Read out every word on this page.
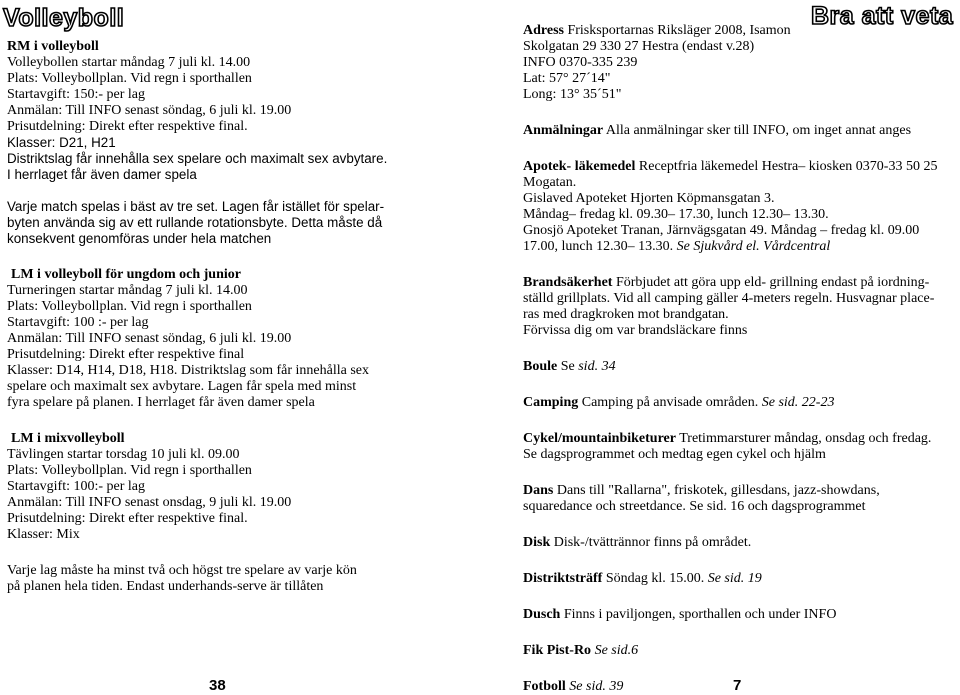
Volleyboll

RM i volleyboll

Volleybollen startar måndag 7 juli kl. 14.00

Plats: Volleybollplan. Vid regn i sporthallen

Startavgift: 150:- per lag

Anmälan: Till INFO senast söndag, 6 juli kl. 19.00

Prisutdelning: Direkt efter respektive final.

Klasser: D21, H21

Distriktslag får innehålla sex spelare och maximalt sex avbytare.

I herrlaget får även damer spela

Varje match spelas i bäst av tre set. Lagen får istället för spelar-

byten använda sig av ett rullande rotationsbyte. Detta måste då

konsekvent genomföras under hela matchen

LM i volleyboll för ungdom och junior

Turneringen startar måndag 7 juli kl. 14.00

Plats: Volleybollplan. Vid regn i sporthallen

Startavgift: 100 :- per lag

Anmälan: Till INFO senast söndag, 6 juli kl. 19.00

Prisutdelning: Direkt efter respektive final

Klasser: D14, H14, D18, H18. Distriktslag som får innehålla sex

spelare och maximalt sex avbytare. Lagen får spela med minst

fyra spelare på planen. I herrlaget får även damer spela

LM i mixvolleyboll

Tävlingen startar torsdag 10 juli kl. 09.00

Plats: Volleybollplan. Vid regn i sporthallen

Startavgift: 100:- per lag

Anmälan: Till INFO senast onsdag, 9 juli kl. 19.00

Prisutdelning: Direkt efter respektive final.

Klasser: Mix

Varje lag måste ha minst två och högst tre spelare av varje kön

på planen hela tiden. Endast underhands-serve är tillåten

38
Bra att veta

Adress Frisksportarnas Riksläger 2008, Isamon

Skolgatan 29 330 27 Hestra (endast v.28)

INFO 0370-335 239

Lat: 57° 27´14"

Long: 13° 35´51"

Anmälningar Alla anmälningar sker till INFO, om inget annat anges

Apotek- läkemedel Receptfria läkemedel Hestra– kiosken 0370-33 50 25

Mogatan.

Gislaved Apoteket Hjorten Köpmansgatan 3.

Måndag– fredag kl. 09.30– 17.30, lunch 12.30– 13.30.

Gnosjö Apoteket Tranan, Järnvägsgatan 49. Måndag – fredag kl. 09.00

17.00, lunch 12.30– 13.30. Se Sjukvård el. Vårdcentral

Brandsäkerhet Förbjudet att göra upp eld- grillning endast på iordning-

ställd grillplats. Vid all camping gäller 4-meters regeln. Husvagnar place-

ras med dragkroken mot brandgatan.

Förvissa dig om var brandsläckare finns

Boule Se sid. 34

Camping Camping på anvisade områden. Se sid. 22-23

Cykel/mountainbiketurer Tretimmarsturer måndag, onsdag och fredag.

Se dagsprogrammet och medtag egen cykel och hjälm

Dans Dans till "Rallarna", friskotek, gillesdans, jazz-showdans,

squaredance och streetdance. Se sid. 16 och dagsprogrammet

Disk Disk-/tvättrännor finns på området.

Distriktsträff Söndag kl. 15.00. Se sid. 19

Dusch Finns i paviljongen, sporthallen och under INFO

Fik Pist-Ro Se sid.6

Fotboll Se sid. 39	7
